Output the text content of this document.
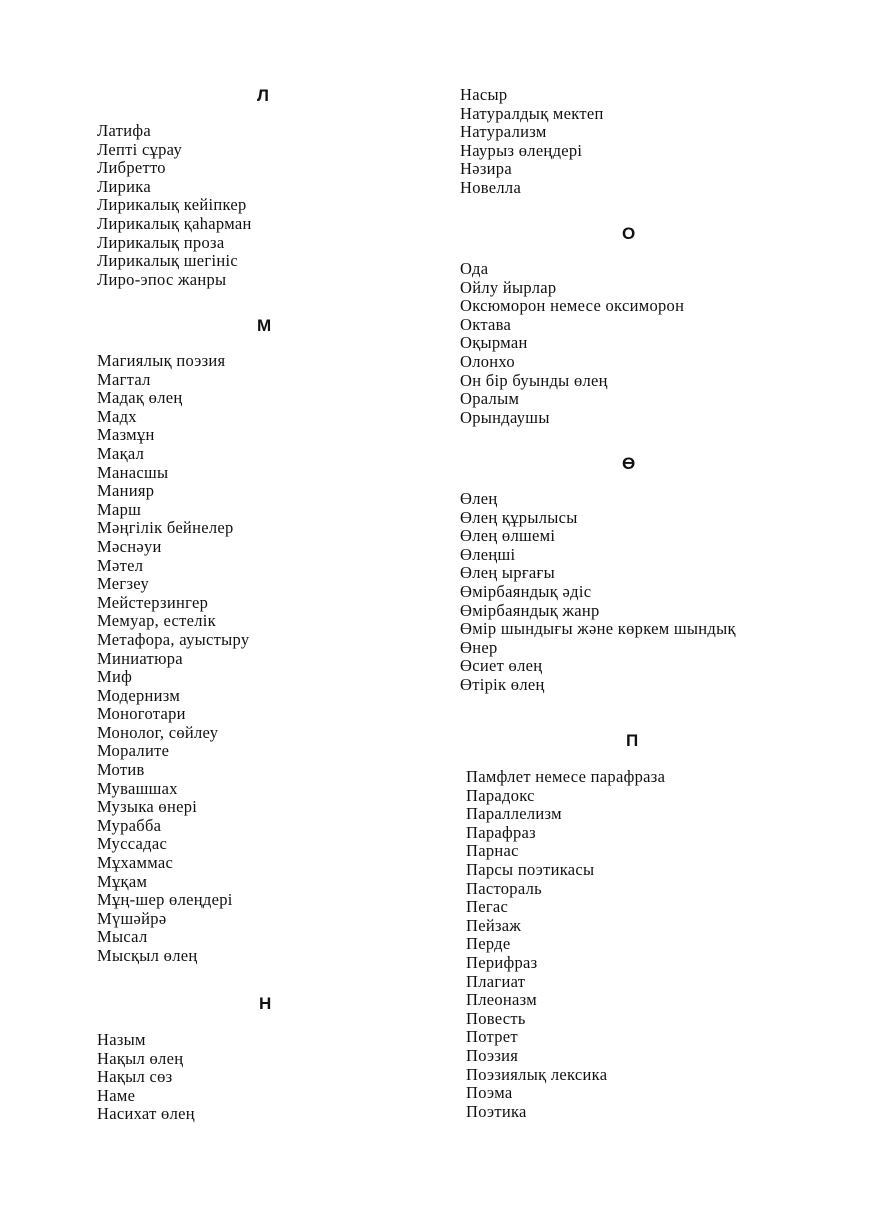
Л
Латифа
Лепті сұрау
Либретто
Лирика
Лирикалық кейіпкер
Лирикалық қаһарман
Лирикалық проза
Лирикалық шегініс
Лиро-эпос жанры
М
Магиялық поэзия
Магтал
Мадақ өлең
Мадх
Мазмұн
Мақал
Манасшы
Манияр
Марш
Мәңгілік бейнелер
Мәснәуи
Мәтел
Мегзеу
Мейстерзингер
Мемуар, естелік
Метафора, ауыстыру
Миниатюра
Миф
Модернизм
Моноготари
Монолог, сөйлеу
Моралите
Мотив
Мувашшах
Музыка өнері
Мурабба
Муссадас
Мұхаммас
Мұқам
Мұң-шер өлеңдері
Мүшәйрә
Мысал
Мысқыл өлең
Н
Назым
Нақыл өлең
Нақыл сөз
Наме
Насихат өлең
Насыр
Натуралдық мектеп
Натурализм
Наурыз өлеңдері
Нәзира
Новелла
О
Ода
Ойлу йырлар
Оксюморон немесе оксиморон
Октава
Оқырман
Олонхо
Он бір буынды өлең
Оралым
Орындаушы
Ө
Өлең
Өлең құрылысы
Өлең өлшемі
Өлеңші
Өлең ырғағы
Өмірбаяндық әдіс
Өмірбаяндық жанр
Өмір шындығы және көркем шындық
Өнер
Өсиет өлең
Өтірік өлең
П
Памфлет немесе парафраза
Парадокс
Параллелизм
Парафраз
Парнас
Парсы поэтикасы
Пастораль
Пегас
Пейзаж
Перде
Перифраз
Плагиат
Плеоназм
Повесть
Потрет
Поэзия
Поэзиялық лексика
Поэма
Поэтика
